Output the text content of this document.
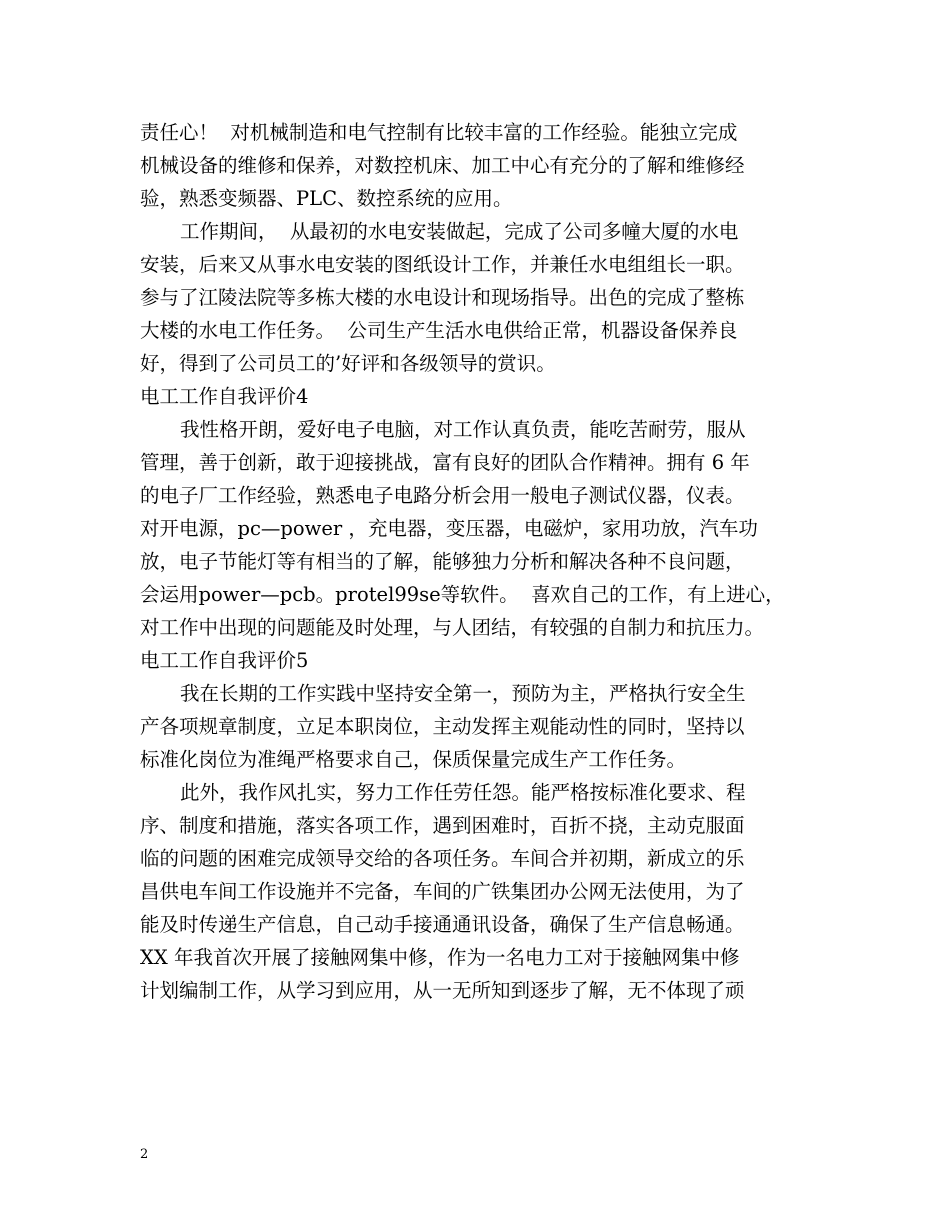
责任心！  对机械制造和电气控制有比较丰富的工作经验。能独立完成
机械设备的维修和保养，对数控机床、加工中心有充分的了解和维修经
验，熟悉变频器、PLC、数控系统的应用。
工作期间，  从最初的水电安装做起，完成了公司多幢大厦的水电
安装，后来又从事水电安装的图纸设计工作，并兼任水电组组长一职。
参与了江陵法院等多栋大楼的水电设计和现场指导。出色的完成了整栋
大楼的水电工作任务。  公司生产生活水电供给正常，机器设备保养良
好，得到了公司员工的’好评和各级领导的赏识。
电工工作自我评价4
我性格开朗，爱好电子电脑，对工作认真负责，能吃苦耐劳，服从
管理，善于创新，敢于迎接挑战，富有良好的团队合作精神。拥有 6 年
的电子厂工作经验，熟悉电子电路分析会用一般电子测试仪器，仪表。
对开电源，pc—power ，充电器，变压器，电磁炉，家用功放，汽车功
放，电子节能灯等有相当的了解，能够独力分析和解决各种不良问题，
会运用power—pcb。protel99se等软件。  喜欢自己的工作，有上进心，
对工作中出现的问题能及时处理，与人团结，有较强的自制力和抗压力。
电工工作自我评价5
我在长期的工作实践中坚持安全第一，预防为主，严格执行安全生
产各项规章制度，立足本职岗位，主动发挥主观能动性的同时，坚持以
标准化岗位为准绳严格要求自己，保质保量完成生产工作任务。
此外，我作风扎实，努力工作任劳任怨。能严格按标准化要求、程
序、制度和措施，落实各项工作，遇到困难时，百折不挠，主动克服面
临的问题的困难完成领导交给的各项任务。车间合并初期，新成立的乐
昌供电车间工作设施并不完备，车间的广铁集团办公网无法使用，为了
能及时传递生产信息，自己动手接通通讯设备，确保了生产信息畅通。
XX 年我首次开展了接触网集中修，作为一名电力工对于接触网集中修
计划编制工作，从学习到应用，从一无所知到逐步了解，无不体现了顽
2
